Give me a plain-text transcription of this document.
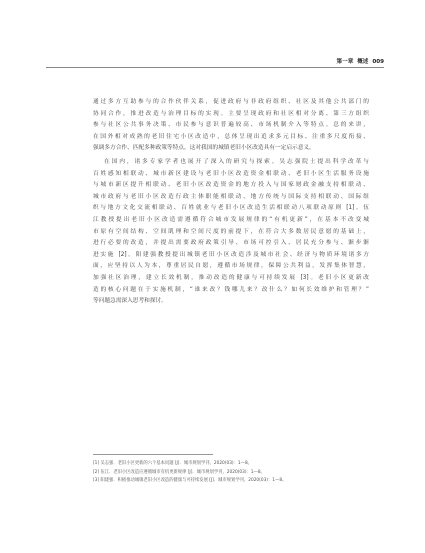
第一章 概述 009
通过多方互助参与的合作伙伴关系，促进政府与非政府组织、社区及其他公共部门的
协同合作，推进改造与治理目标的实现。主要呈现政府和社区相对分离、第三方组织
参与社区公共事务决策、市民参与意识普遍较高、市场机制介入等特点。总的来讲，
在国外相对成熟的老旧住宅小区改造中，总体呈现出追求多元目标、注重多尺度衔接、
强调多方合作、匹配多种政策等特点，这对我国的城镇老旧小区改造具有一定启示意义。
在国内，诸多专家学者也展开了深入的研究与探索。吴志强院士提出科学改革与
百姓感知相联动、城市新区建设与老旧小区改造资金相联动、老旧小区生活服务设施
与城市新区提升相联动、老旧小区改造资金的地方投入与国家财政金融支持相联动、
城市政府与老旧小区改造行政主体职能相联动、地方传统与国际支持相联动、国际组
织与地方文化交流相联动、百姓就业与老旧小区改造生活相联动八项联动原则 [1]。伍
江教授提出老旧小区改造需遵循符合城市发展规律的“有机更新”，在基本不改变城
市原有空间结构、空间肌理和空间尺度的前提下，在符合大多数居民意愿的基础上，
进行必要的改造，并提出需要政府政策引导、市场可控引入、居民充分参与、渐步渐
进实施 [2]。阳建强教授提出城镇老旧小区改造涉及城市社会、经济与物质环境诸多方
面，应坚持以人为本，尊重居民自愿，遵循市场规律，保障公共利益，发挥集体智慧，
加强社区治理，建立长效机制，推动改造的健康与可持续发展 [3]。老旧小区更新改
造的核心问题在于实施机制，“谁来改？钱哪儿来？改什么？如何长效维护和管理？”
等问题急需深入思考和探讨。
[1] 吴志强．老旧小区更新的六个基本问题 [J]．城市规划学刊，2020(03)：1—8。
[2] 伍江．老旧小区改造应遵循城市有机更新规律 [J]．城市规划学刊，2020(03)：1—8。
[3] 阳建强．积极推动城镇老旧小区改造的健康与可持续发展 [J]．城市规划学刊，2020(03)：1—8。
